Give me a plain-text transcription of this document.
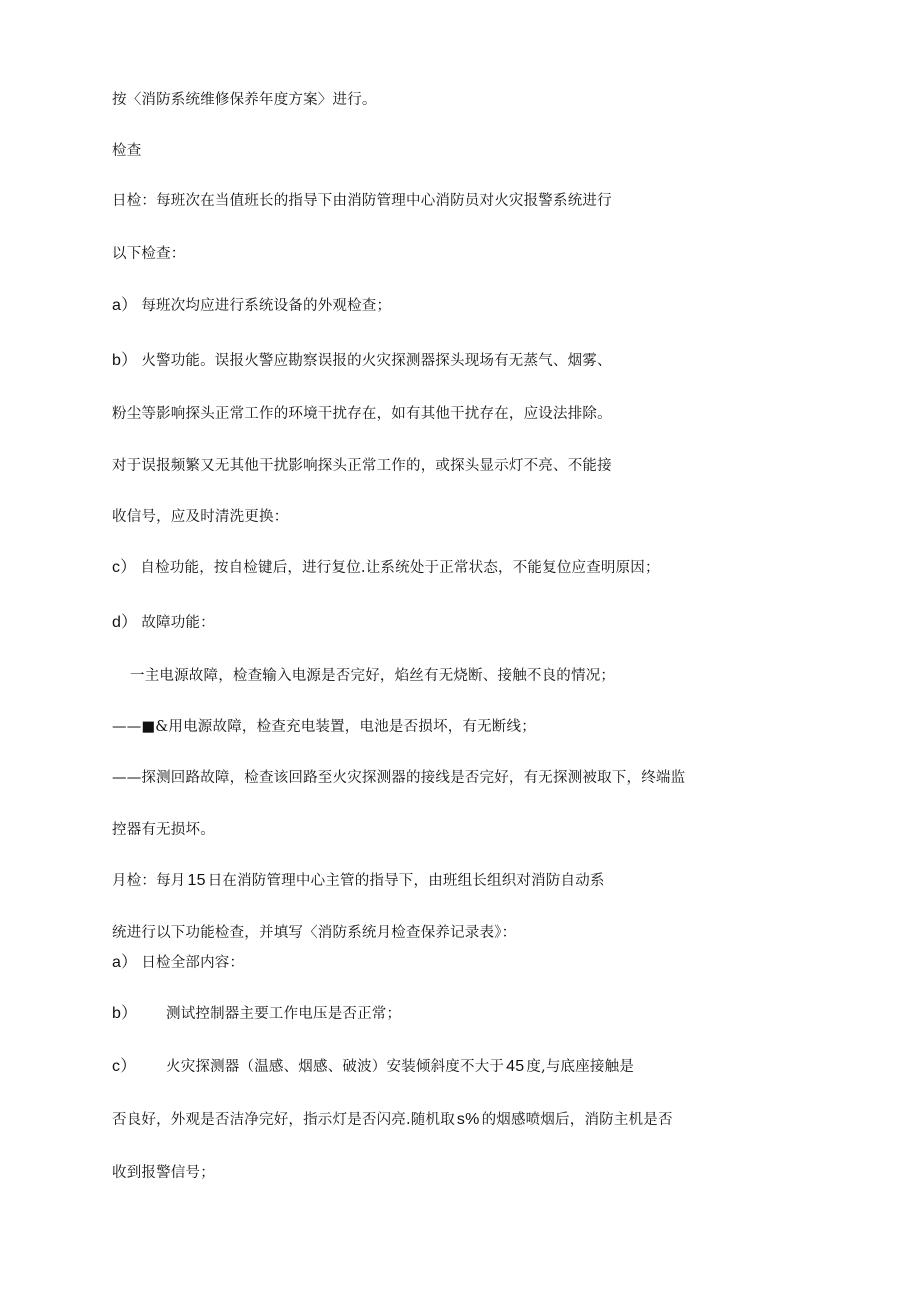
按〈消防系统维修保养年度方案〉进行。
检查
日检：每班次在当值班长的指导下由消防管理中心消防员对火灾报警系统进行
以下检查：
a） 每班次均应进行系统设备的外观检查；
b） 火警功能。误报火警应勘察误报的火灾探测器探头现场有无蒸气、烟雾、
粉尘等影响探头正常工作的环境干扰存在，如有其他干扰存在，应设法排除。
对于误报频繁又无其他干扰影响探头正常工作的，或探头显示灯不亮、不能接
收信号，应及时清洗更换：
c） 自检功能，按自检键后，进行复位.让系统处于正常状态，不能复位应查明原因；
d） 故障功能：
一主电源故障，检查输入电源是否完好，焰丝有无烧断、接触不良的情况；
——■&用电源故障，检查充电装置，电池是否损坏，有无断线；
——探测回路故障，检查该回路至火灾探测器的接线是否完好，有无探测被取下，终端监
控器有无损坏。
月检：每月 15 日在消防管理中心主管的指导下，由班组长组织对消防自动系
统进行以下功能检查，并填写〈消防系统月检查保养记录表》：
a） 日检全部内容：
b） 测试控制器主要工作电压是否正常；
c） 火灾探测器（温感、烟感、破波）安装倾斜度不大于 45 度,与底座接触是
否良好，外观是否洁净完好，指示灯是否闪亮.随机取 s% 的烟感喷烟后，消防主机是否
收到报警信号；
